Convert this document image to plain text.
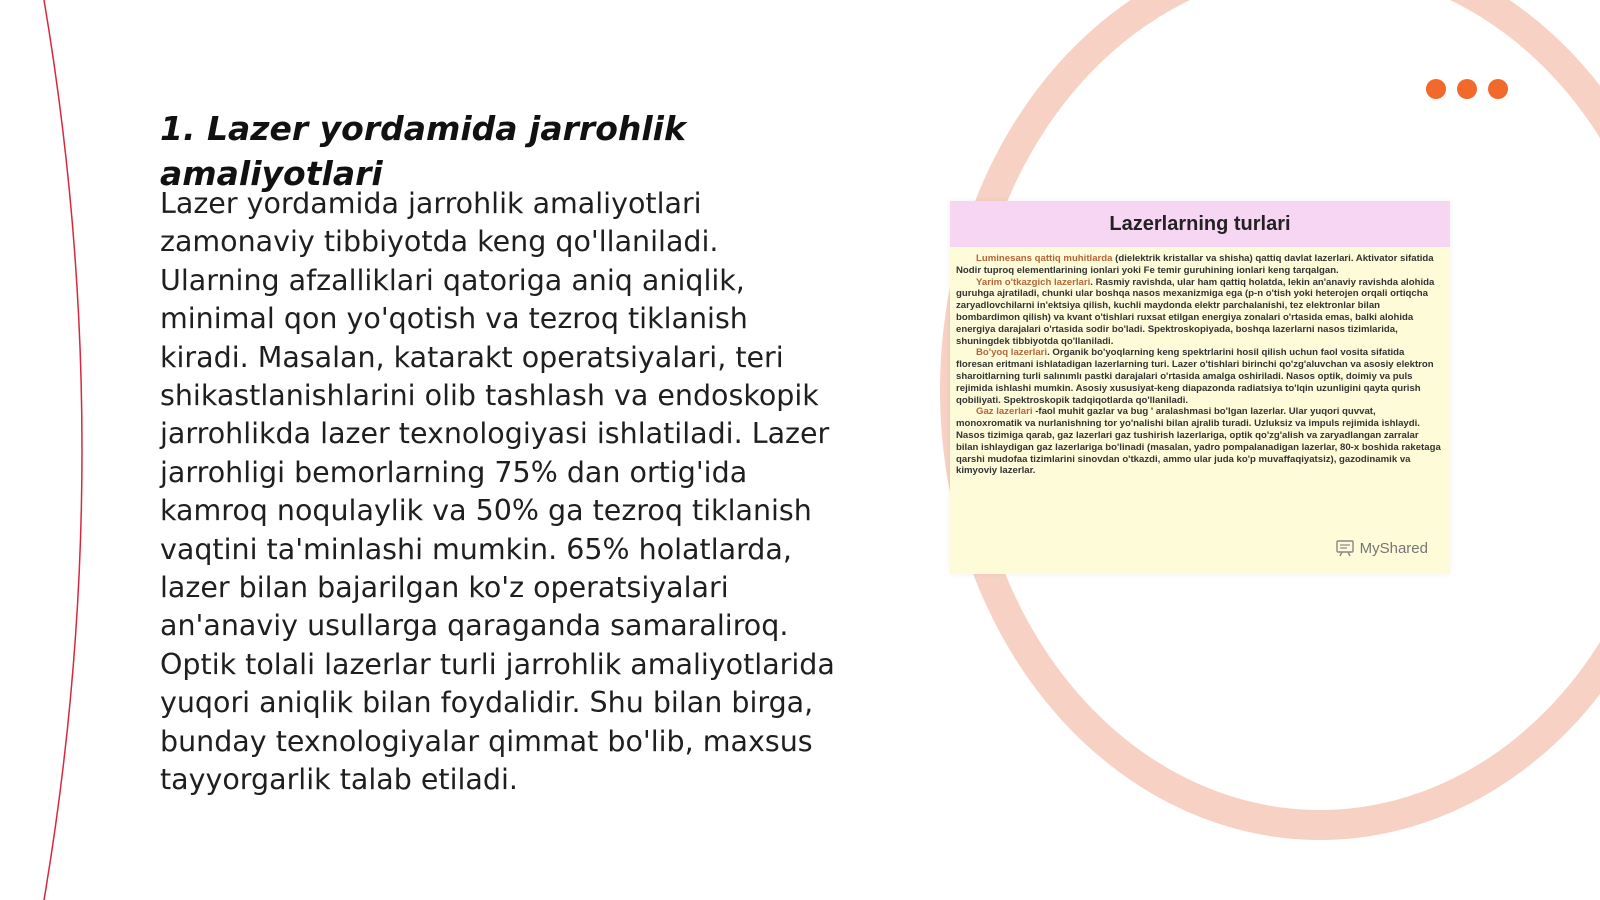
1. Lazer yordamida jarrohlik amaliyotlari

Lazer yordamida jarrohlik amaliyotlari zamonaviy tibbiyotda keng qo'llaniladi. Ularning afzalliklari qatoriga aniq aniqlik, minimal qon yo'qotish va tezroq tiklanish kiradi. Masalan, katarakt operatsiyalari, teri shikastlanishlarini olib tashlash va endoskopik jarrohlikda lazer texnologiyasi ishlatiladi. Lazer jarrohligi bemorlarning 75% dan ortig'ida kamroq noqulaylik va 50% ga tezroq tiklanish vaqtini ta'minlashi mumkin. 65% holatlarda, lazer bilan bajarilgan ko'z operatsiyalari an'anaviy usullarga qaraganda samaraliroq. Optik tolali lazerlar turli jarrohlik amaliyotlarida yuqori aniqlik bilan foydalidir. Shu bilan birga, bunday texnologiyalar qimmat bo'lib, maxsus tayyorgarlik talab etiladi.

Lazerlarning turlari

Luminesans qattiq muhitlarda (dielektrik kristallar va shisha) qattiq davlat lazerlari. Aktivator sifatida Nodir tuproq elementlarining ionlari yoki Fe temir guruhining ionlari keng tarqalgan.

Yarim o'tkazgich lazerlari. Rasmiy ravishda, ular ham qattiq holatda, lekin an'anaviy ravishda alohida guruhga ajratiladi, chunki ular boshqa nasos mexanizmiga ega (p-n o'tish yoki heterojen orqali ortiqcha zaryadlovchilarni in'ektsiya qilish, kuchli maydonda elektr parchalanishi, tez elektronlar bilan bombardimon qilish) va kvant o'tishlari ruxsat etilgan energiya zonalari o'rtasida emas, balki alohida energiya darajalari o'rtasida sodir bo'ladi. Spektroskopiyada, boshqa lazerlarni nasos tizimlarida, shuningdek tibbiyotda qo'llaniladi.

Bo'yoq lazerlari. Organik bo'yoqlarning keng spektrlarini hosil qilish uchun faol vosita sifatida floresan eritmani ishlatadigan lazerlarning turi. Lazer o'tishlari birinchi qo'zg'aluvchan va asosiy elektron sharoitlarning turli salınımlı pastki darajalari o'rtasida amalga oshiriladi. Nasos optik, doimiy va puls rejimida ishlashi mumkin. Asosiy xususiyat-keng diapazonda radiatsiya to'lqin uzunligini qayta qurish qobiliyati. Spektroskopik tadqiqotlarda qo'llaniladi.

Gaz lazerlari -faol muhit gazlar va bug ' aralashmasi bo'lgan lazerlar. Ular yuqori quvvat, monoxromatik va nurlanishning tor yo'nalishi bilan ajralib turadi. Uzluksiz va impuls rejimida ishlaydi. Nasos tizimiga qarab, gaz lazerlari gaz tushirish lazerlariga, optik qo'zg'alish va zaryadlangan zarralar bilan ishlaydigan gaz lazerlariga bo'linadi (masalan, yadro pompalanadigan lazerlar, 80-x boshida raketaga qarshi mudofaa tizimlarini sinovdan o'tkazdi, ammo ular juda ko'p muvaffaqiyatsiz), gazodinamik va kimyoviy lazerlar.

MyShared
